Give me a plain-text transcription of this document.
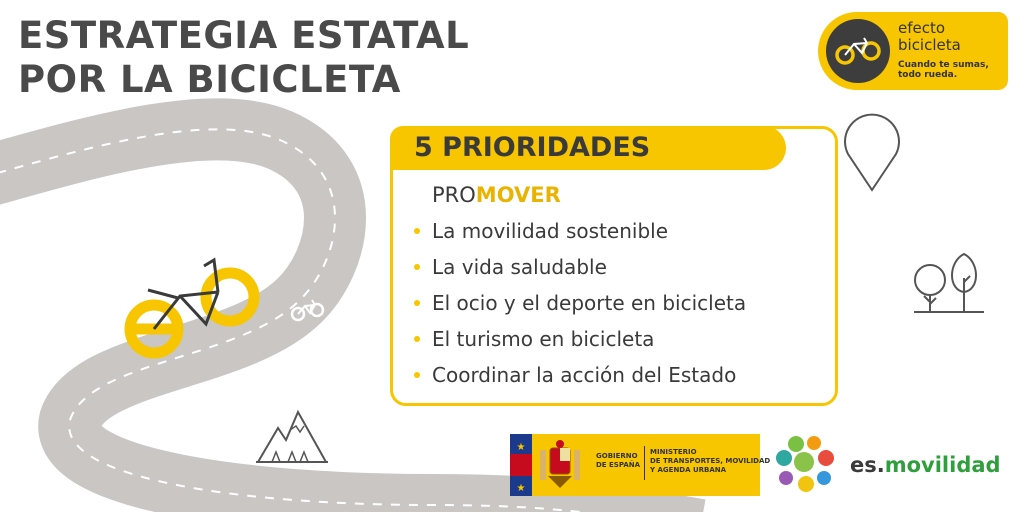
ESTRATEGIA ESTATAL
POR LA BICICLETA
efecto
bicicleta
Cuando te sumas,
todo rueda.
5 PRIORIDADES
PROMOVER
La movilidad sostenible
La vida saludable
El ocio y el deporte en bicicleta
El turismo en bicicleta
Coordinar la acción del Estado
★
★
GOBIERNO
DE ESPAÑA
MINISTERIO
DE TRANSPORTES, MOVILIDAD
Y AGENDA URBANA	es.movilidad
